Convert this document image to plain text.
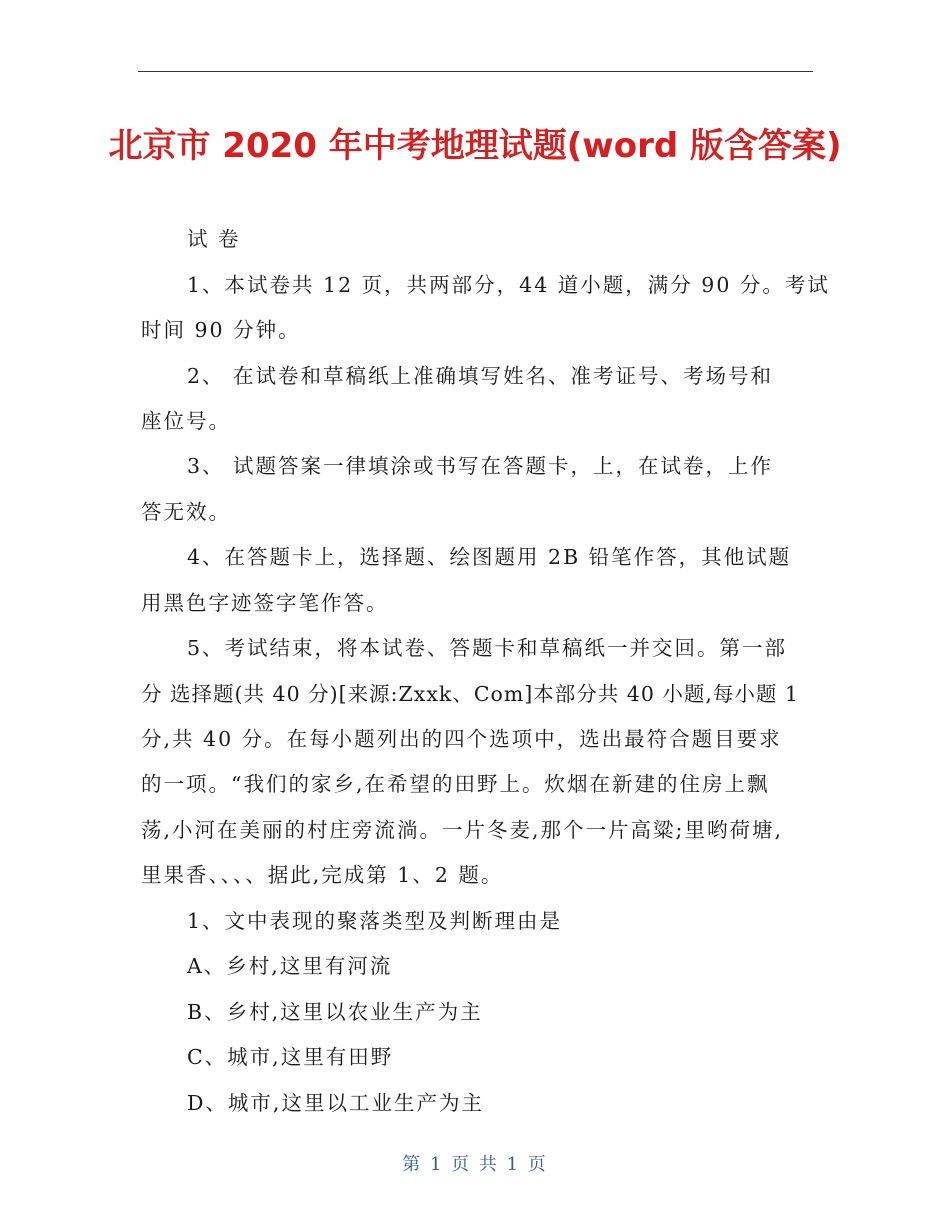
北京市 2020 年中考地理试题(word 版含答案)
试 卷
1、本试卷共 12 页，共两部分，44 道小题，满分 90 分。考试
时间 90 分钟。
2、 在试卷和草稿纸上准确填写姓名、准考证号、考场号和
座位号。
3、 试题答案一律填涂或书写在答题卡，上，在试卷，上作
答无效。
4、在答题卡上，选择题、绘图题用 2B 铅笔作答，其他试题
用黑色字迹签字笔作答。
5、考试结束，将本试卷、答题卡和草稿纸一并交回。第一部
分 选择题(共 40 分)[来源:Zxxk、Com]本部分共 40 小题,每小题 1
分,共 40 分。在每小题列出的四个选项中，选出最符合题目要求
的一项。“我们的家乡,在希望的田野上。炊烟在新建的住房上飘
荡,小河在美丽的村庄旁流淌。一片冬麦,那个一片高粱;里哟荷塘,
里果香、、、、据此,完成第 1、2 题。
1、文中表现的聚落类型及判断理由是
A、乡村,这里有河流
B、乡村,这里以农业生产为主
C、城市,这里有田野
D、城市,这里以工业生产为主
第 1 页 共 1 页
